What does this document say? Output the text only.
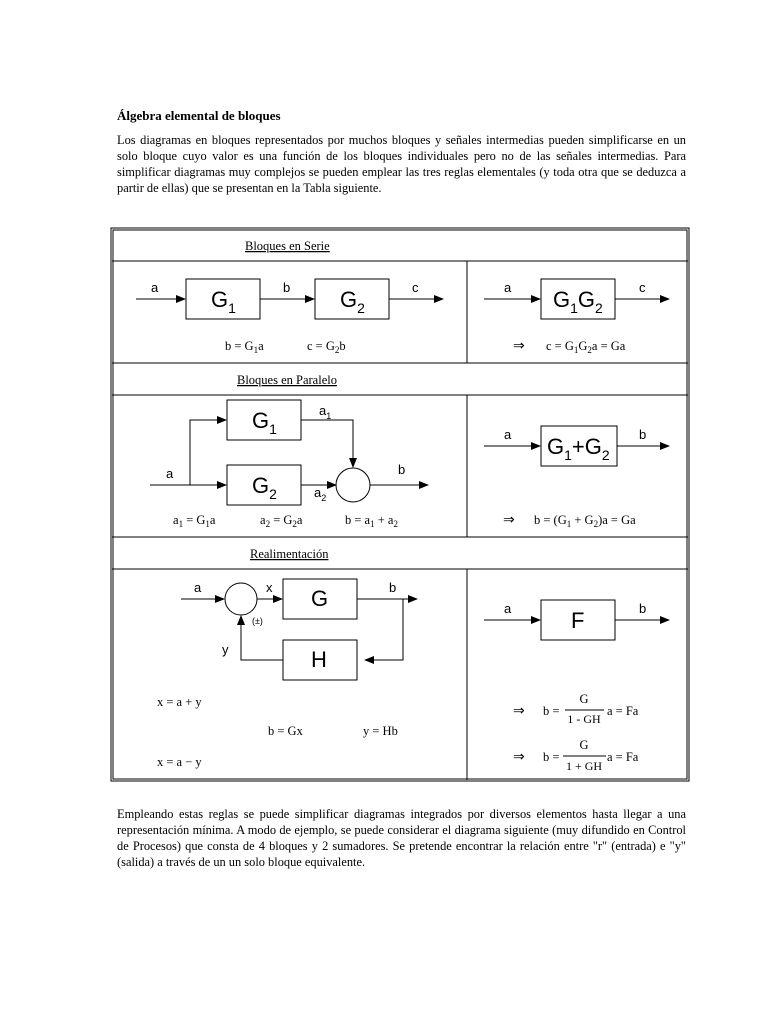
Álgebra elemental de bloques

Los diagramas en bloques representados por muchos bloques y señales intermedias pueden simplificarse en un solo bloque cuyo valor es una función de los bloques individuales pero no de las señales intermedias. Para simplificar diagramas muy complejos se pueden emplear las tres reglas elementales (y toda otra que se deduzca a partir de ellas) que se presentan en la Tabla siguiente.

Bloques en Serie
Bloques en Paralelo
Realimentación
a	b	c
$G_1$	$G_2$
a	c
$G_1G_2$
$b = G_1a$	$c = G_2b$	⇒ $c = G_1G_2a = Ga$
a
$a_1$
$a_2$
b
$G_1$
$G_2$
a	b
$G_1+G_2$
$a_1 = G_1a$	$a_2 = G_2a$	$b = a_1 + a_2$	⇒ $b = (G_1 + G_2)a = Ga$
a	x	b
y
(±)
G
H
a	b
F
x = a + y
b = Gx	y = Hb
x = a − y
⇒ b =
G
1 - GH
a = Fa
⇒ b =
G
1 + GH
a = Fa

Empleando estas reglas se puede simplificar diagramas integrados por diversos elementos hasta llegar a una representación mínima. A modo de ejemplo, se puede considerar el diagrama siguiente (muy difundido en Control de Procesos) que consta de 4 bloques y 2 sumadores. Se pretende encontrar la relación entre "r" (entrada) e "y" (salida) a través de un un solo bloque equivalente.
